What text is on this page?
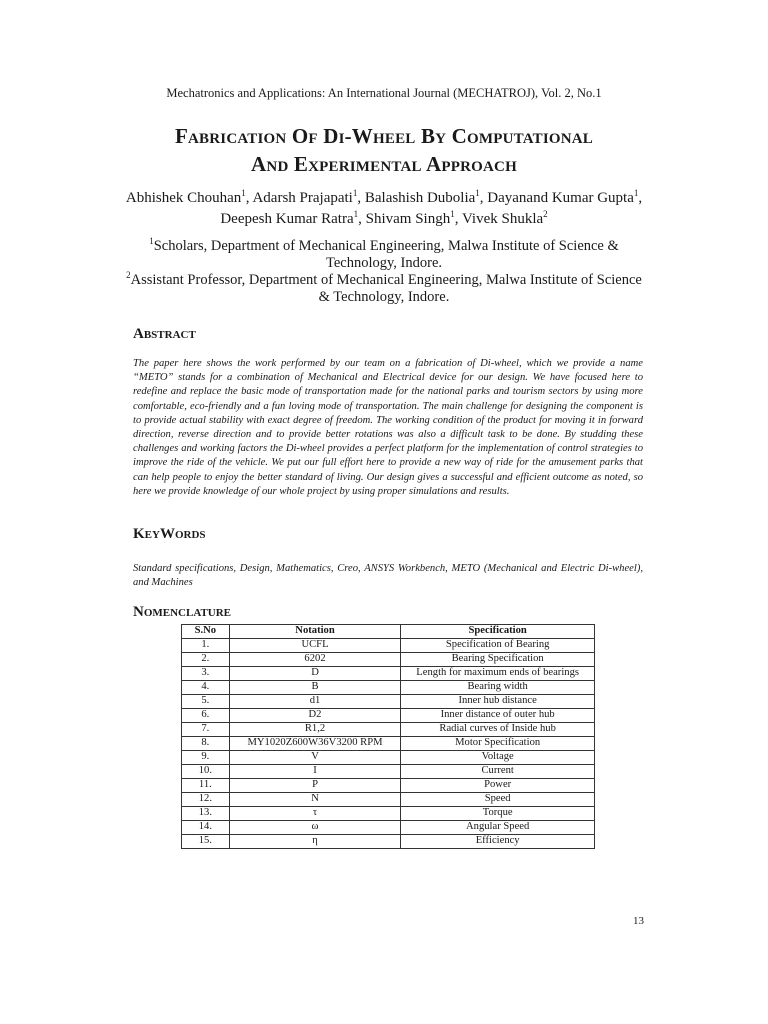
Mechatronics and Applications: An International Journal (MECHATROJ), Vol. 2, No.1
Fabrication Of Di-Wheel By Computational
And Experimental Approach
Abhishek Chouhan$^1$, Adarsh Prajapati$^1$, Balashish Dubolia$^1$, Dayanand Kumar Gupta$^1$, Deepesh Kumar Ratra$^1$, Shivam Singh$^1$, Vivek Shukla$^2$
$^1$Scholars, Department of Mechanical Engineering, Malwa Institute of Science & Technology, Indore.
$^2$Assistant Professor, Department of Mechanical Engineering, Malwa Institute of Science & Technology, Indore.
Abstract

The paper here shows the work performed by our team on a fabrication of Di-wheel, which we provide a name “METO” stands for a combination of Mechanical and Electrical device for our design. We have focused here to redefine and replace the basic mode of transportation made for the national parks and tourism sectors by using more comfortable, eco-friendly and a fun loving mode of transportation. The main challenge for designing the component is to provide actual stability with exact degree of freedom. The working condition of the product for moving it in forward direction, reverse direction and to provide better rotations was also a difficult task to be done. By studding these challenges and working factors the Di-wheel provides a perfect platform for the implementation of control strategies to improve the ride of the vehicle. We put our full effort here to provide a new way of ride for the amusement parks that can help people to enjoy the better standard of living. Our design gives a successful and efficient outcome as noted, so here we provide knowledge of our whole project by using proper simulations and results.

KeyWords

Standard specifications, Design, Mathematics, Creo, ANSYS Workbench, METO (Mechanical and Electric Di-wheel), and Machines

Nomenclature
S.No	Notation	Specification
1.	UCFL	Specification of Bearing
2.	6202	Bearing Specification
3.	D	Length for maximum ends of bearings
4.	B	Bearing width
5.	d1	Inner hub distance
6.	D2	Inner distance of outer hub
7.	R1,2	Radial curves of Inside hub
8.	MY1020Z600W36V3200 RPM	Motor Specification
9.	V	Voltage
10.	I	Current
11.	P	Power
12.	N	Speed
13.	τ	Torque
14.	ω	Angular Speed
15.	η	Efficiency
13
